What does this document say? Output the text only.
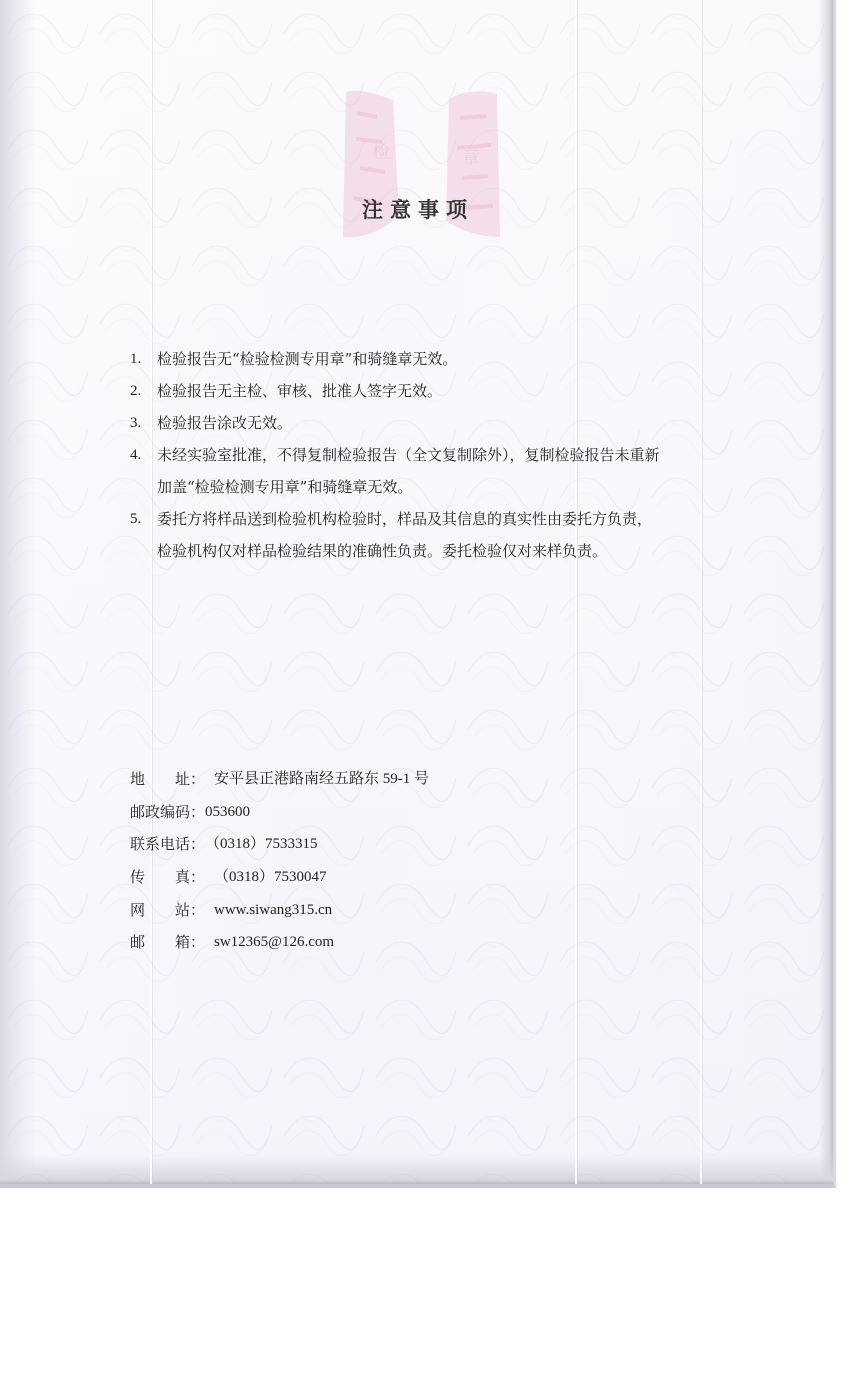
检	章
注意事项
1.	检验报告无“检验检测专用章”和骑缝章无效。
2.	检验报告无主检、审核、批准人签字无效。
3.	检验报告涂改无效。
4.	未经实验室批准，不得复制检验报告（全文复制除外），复制检验报告未重新
加盖“检验检测专用章”和骑缝章无效。
5.	委托方将样品送到检验机构检验时，样品及其信息的真实性由委托方负责，
检验机构仅对样品检验结果的准确性负责。委托检验仅对来样负责。
地　　址： 安平县正港路南经五路东 59-1 号
邮政编码： 053600
联系电话： （0318）7533315
传　　真： （0318）7530047
网　　站： www.siwang315.cn
邮　　箱： sw12365@126.com
